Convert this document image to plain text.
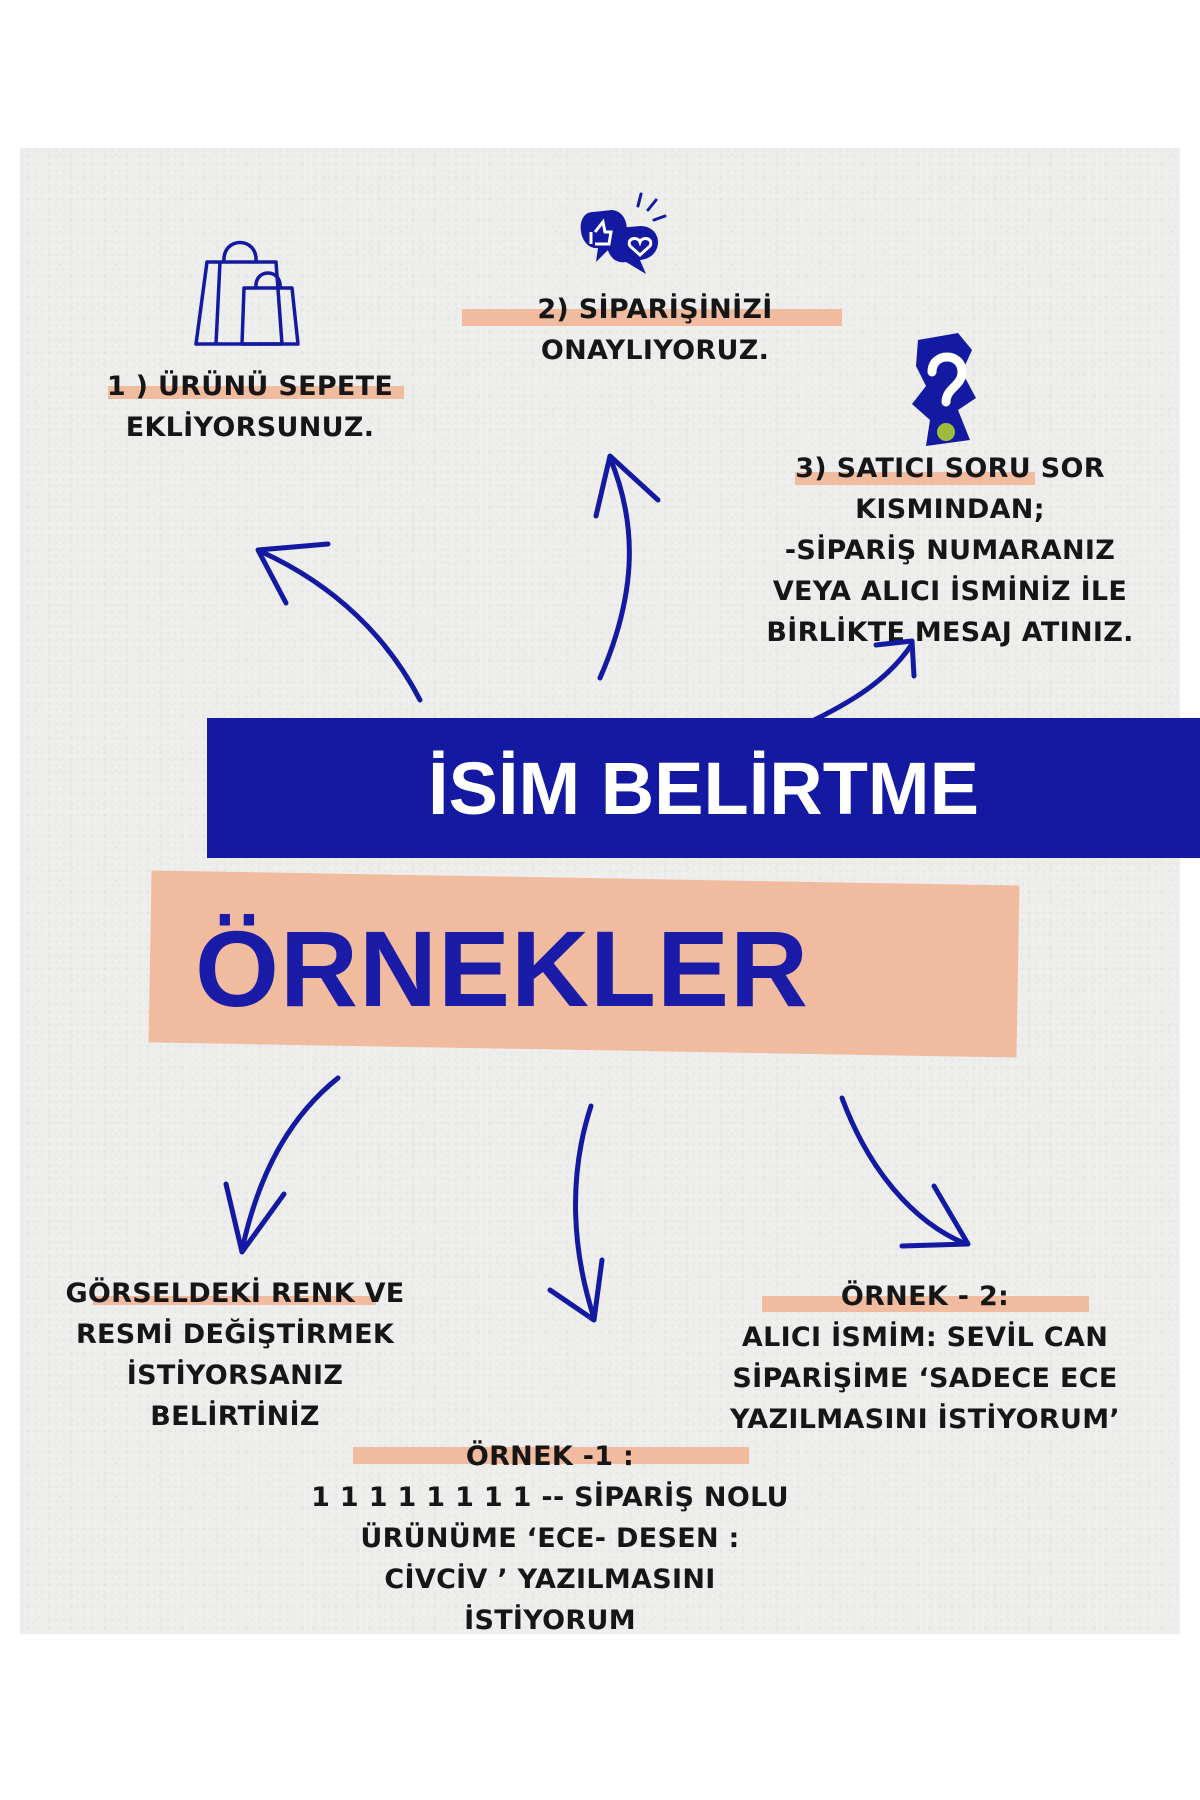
1 ) ÜRÜNÜ SEPETE
EKLİYORSUNUZ.
2) SİPARİŞİNİZİ
ONAYLIYORUZ.
3) SATICI SORU SOR
KISMINDAN;
-SİPARİŞ NUMARANIZ
VEYA ALICI İSMİNİZ İLE
BİRLİKTE MESAJ ATINIZ.
İSİM BELİRTME
ÖRNEKLER
GÖRSELDEKİ RENK VE
RESMİ DEĞİŞTİRMEK
İSTİYORSANIZ
BELİRTİNİZ
ÖRNEK -1 :
1 1 1 1 1 1 1 1 -- SİPARİŞ NOLU
ÜRÜNÜME ‘ECE- DESEN :
CİVCİV ’ YAZILMASINI
İSTİYORUM
ÖRNEK - 2:
ALICI İSMİM: SEVİL CAN
SİPARİŞİME ‘SADECE ECE
YAZILMASINI İSTİYORUM’
